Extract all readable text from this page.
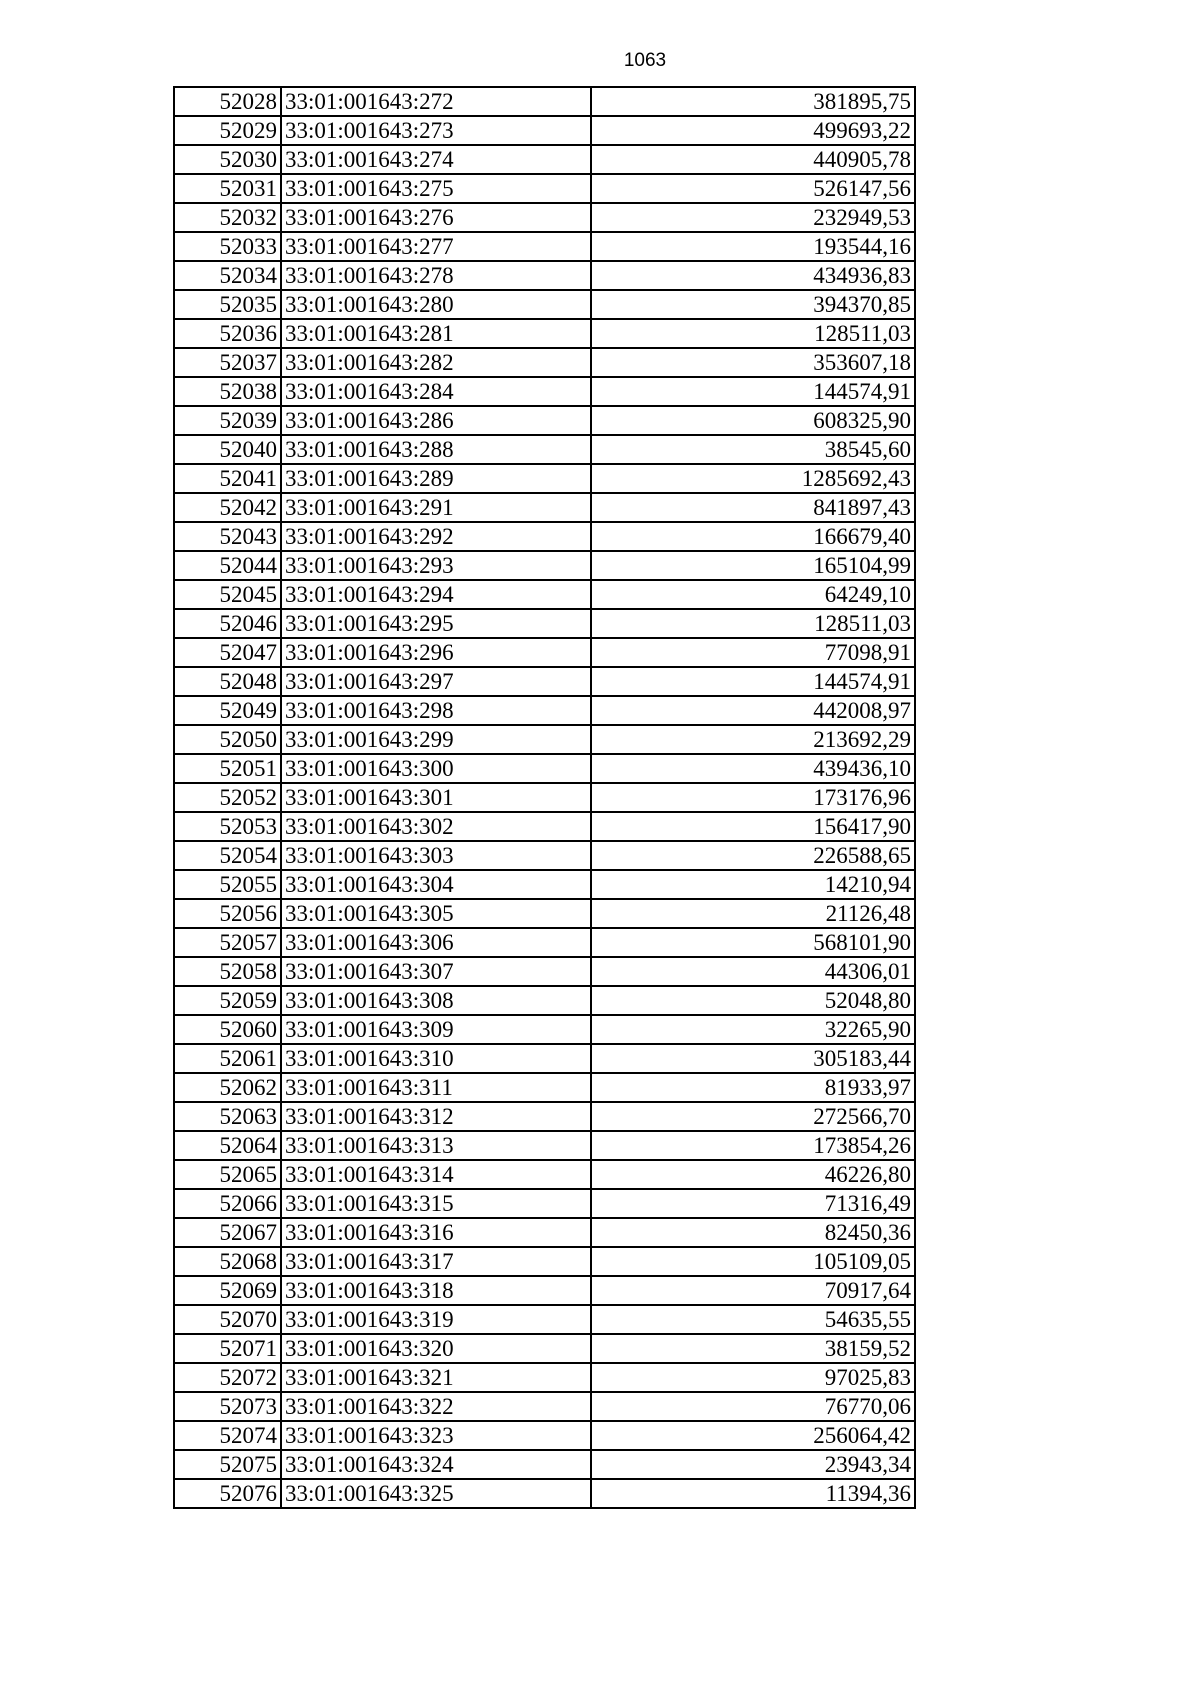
1063
52028	33:01:001643:272	381895,75
52029	33:01:001643:273	499693,22
52030	33:01:001643:274	440905,78
52031	33:01:001643:275	526147,56
52032	33:01:001643:276	232949,53
52033	33:01:001643:277	193544,16
52034	33:01:001643:278	434936,83
52035	33:01:001643:280	394370,85
52036	33:01:001643:281	128511,03
52037	33:01:001643:282	353607,18
52038	33:01:001643:284	144574,91
52039	33:01:001643:286	608325,90
52040	33:01:001643:288	38545,60
52041	33:01:001643:289	1285692,43
52042	33:01:001643:291	841897,43
52043	33:01:001643:292	166679,40
52044	33:01:001643:293	165104,99
52045	33:01:001643:294	64249,10
52046	33:01:001643:295	128511,03
52047	33:01:001643:296	77098,91
52048	33:01:001643:297	144574,91
52049	33:01:001643:298	442008,97
52050	33:01:001643:299	213692,29
52051	33:01:001643:300	439436,10
52052	33:01:001643:301	173176,96
52053	33:01:001643:302	156417,90
52054	33:01:001643:303	226588,65
52055	33:01:001643:304	14210,94
52056	33:01:001643:305	21126,48
52057	33:01:001643:306	568101,90
52058	33:01:001643:307	44306,01
52059	33:01:001643:308	52048,80
52060	33:01:001643:309	32265,90
52061	33:01:001643:310	305183,44
52062	33:01:001643:311	81933,97
52063	33:01:001643:312	272566,70
52064	33:01:001643:313	173854,26
52065	33:01:001643:314	46226,80
52066	33:01:001643:315	71316,49
52067	33:01:001643:316	82450,36
52068	33:01:001643:317	105109,05
52069	33:01:001643:318	70917,64
52070	33:01:001643:319	54635,55
52071	33:01:001643:320	38159,52
52072	33:01:001643:321	97025,83
52073	33:01:001643:322	76770,06
52074	33:01:001643:323	256064,42
52075	33:01:001643:324	23943,34
52076	33:01:001643:325	11394,36
